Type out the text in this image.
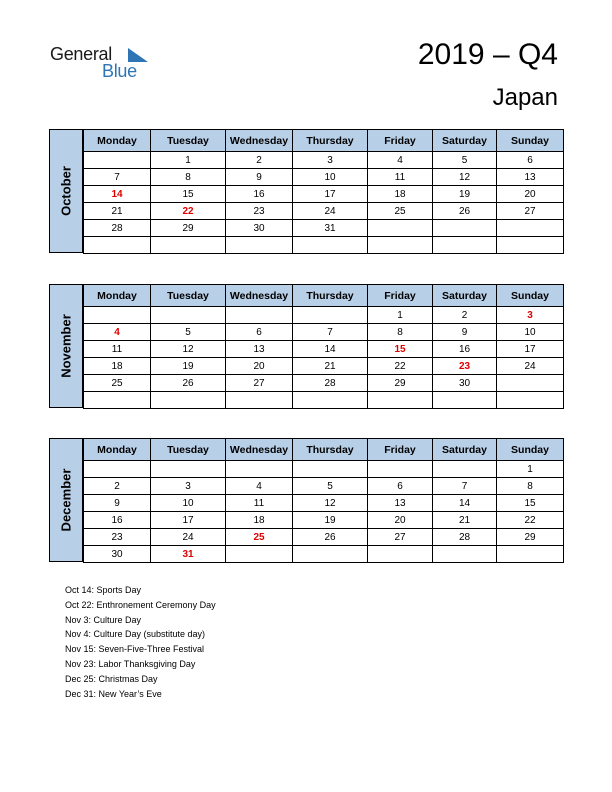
General
Blue	2019 – Q4
Japan
October
Monday	Tuesday	Wednesday	Thursday	Friday	Saturday	Sunday
	1	2	3	4	5	6
7	8	9	10	11	12	13
14	15	16	17	18	19	20
21	22	23	24	25	26	27
28	29	30	31			

November
Monday	Tuesday	Wednesday	Thursday	Friday	Saturday	Sunday
				1	2	3
4	5	6	7	8	9	10
11	12	13	14	15	16	17
18	19	20	21	22	23	24
25	26	27	28	29	30	

December
Monday	Tuesday	Wednesday	Thursday	Friday	Saturday	Sunday
						1
2	3	4	5	6	7	8
9	10	11	12	13	14	15
16	17	18	19	20	21	22
23	24	25	26	27	28	29
30	31					
Oct 14: Sports Day
Oct 22: Enthronement Ceremony Day
Nov 3: Culture Day
Nov 4: Culture Day (substitute day)
Nov 15: Seven-Five-Three Festival
Nov 23: Labor Thanksgiving Day
Dec 25: Christmas Day
Dec 31: New Year’s Eve
